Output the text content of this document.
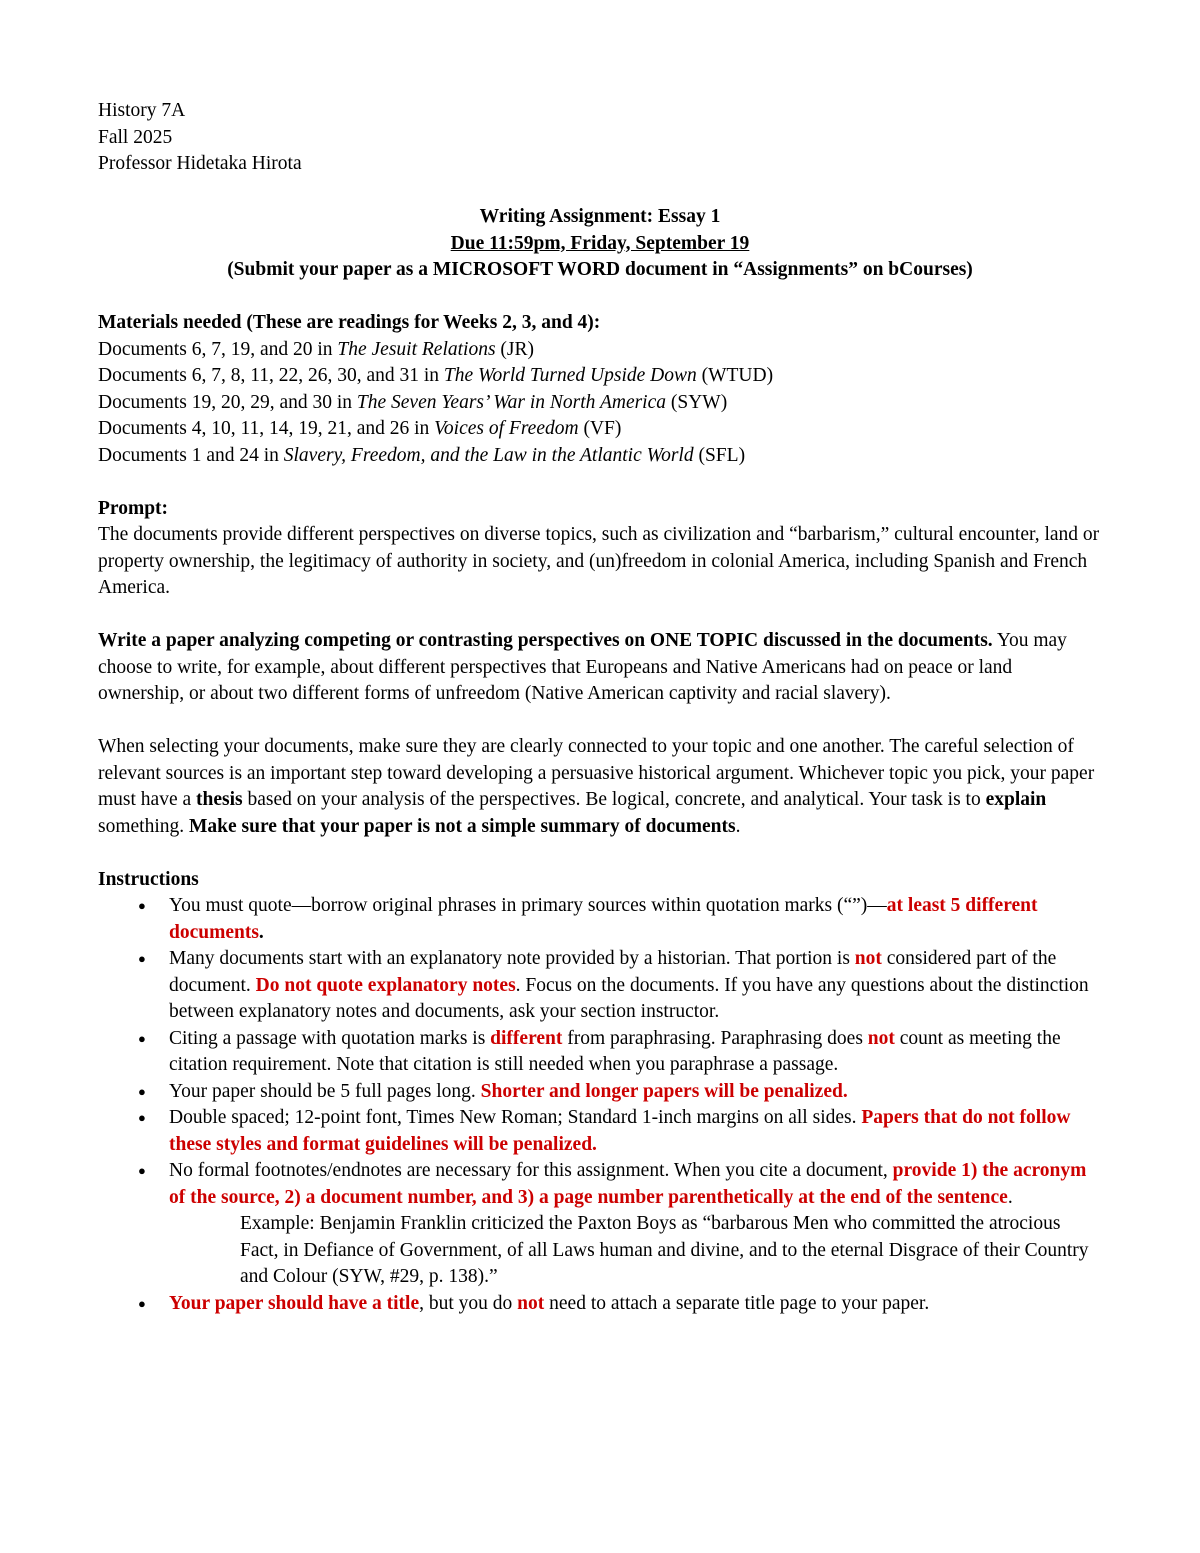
History 7A
Fall 2025
Professor Hidetaka Hirota
Writing Assignment: Essay 1
Due 11:59pm, Friday, September 19
(Submit your paper as a MICROSOFT WORD document in “Assignments” on bCourses)
Materials needed (These are readings for Weeks 2, 3, and 4):
Documents 6, 7, 19, and 20 in The Jesuit Relations (JR)
Documents 6, 7, 8, 11, 22, 26, 30, and 31 in The World Turned Upside Down (WTUD)
Documents 19, 20, 29, and 30 in The Seven Years’ War in North America (SYW)
Documents 4, 10, 11, 14, 19, 21, and 26 in Voices of Freedom (VF)
Documents 1 and 24 in Slavery, Freedom, and the Law in the Atlantic World (SFL)
Prompt:
The documents provide different perspectives on diverse topics, such as civilization and “barbarism,” cultural encounter, land or property ownership, the legitimacy of authority in society, and (un)freedom in colonial America, including Spanish and French America.
Write a paper analyzing competing or contrasting perspectives on ONE TOPIC discussed in the documents. You may choose to write, for example, about different perspectives that Europeans and Native Americans had on peace or land ownership, or about two different forms of unfreedom (Native American captivity and racial slavery).
When selecting your documents, make sure they are clearly connected to your topic and one another. The careful selection of relevant sources is an important step toward developing a persuasive historical argument. Whichever topic you pick, your paper must have a thesis based on your analysis of the perspectives. Be logical, concrete, and analytical. Your task is to explain something. Make sure that your paper is not a simple summary of documents.
Instructions
● You must quote—borrow original phrases in primary sources within quotation marks (“”)—at least 5 different documents.
● Many documents start with an explanatory note provided by a historian. That portion is not considered part of the document. Do not quote explanatory notes. Focus on the documents. If you have any questions about the distinction between explanatory notes and documents, ask your section instructor.
● Citing a passage with quotation marks is different from paraphrasing. Paraphrasing does not count as meeting the citation requirement. Note that citation is still needed when you paraphrase a passage.
● Your paper should be 5 full pages long. Shorter and longer papers will be penalized.
● Double spaced; 12-point font, Times New Roman; Standard 1-inch margins on all sides. Papers that do not follow these styles and format guidelines will be penalized.
● No formal footnotes/endnotes are necessary for this assignment. When you cite a document, provide 1) the acronym of the source, 2) a document number, and 3) a page number parenthetically at the end of the sentence.
Example: Benjamin Franklin criticized the Paxton Boys as “barbarous Men who committed the atrocious Fact, in Defiance of Government, of all Laws human and divine, and to the eternal Disgrace of their Country and Colour (SYW, #29, p. 138).”
● Your paper should have a title, but you do not need to attach a separate title page to your paper.
